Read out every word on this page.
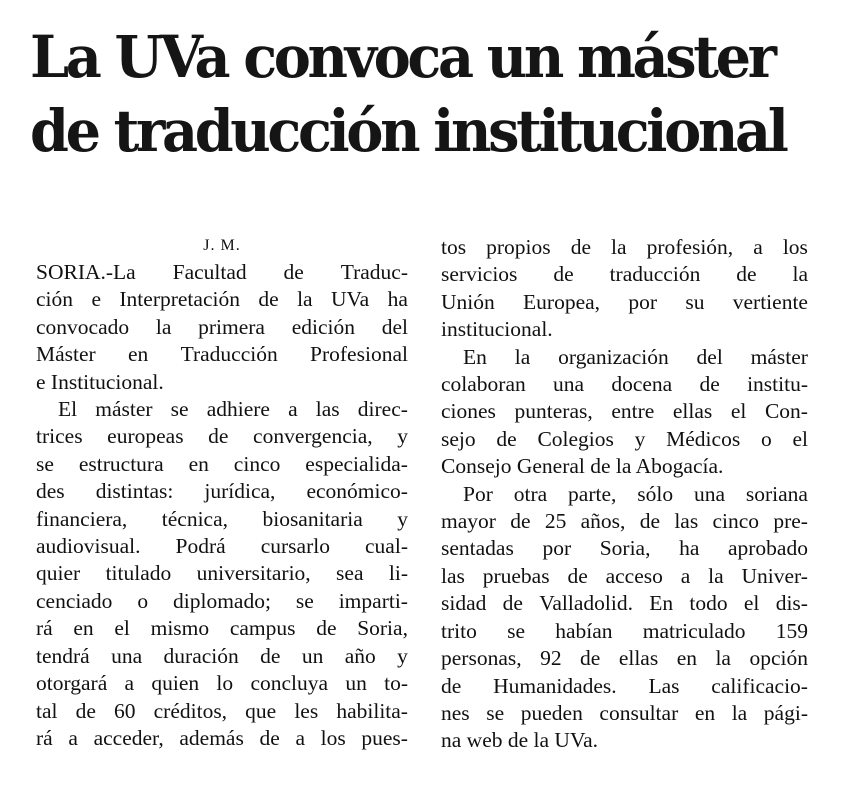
La UVa convoca un máster
de traducción institucional
J. M.
SORIA.-La Facultad de Traduc-
ción e Interpretación de la UVa ha
convocado la primera edición del
Máster en Traducción Profesional
e Institucional.
El máster se adhiere a las direc-
trices europeas de convergencia, y
se estructura en cinco especialida-
des distintas: jurídica, económico-
financiera, técnica, biosanitaria y
audiovisual. Podrá cursarlo cual-
quier titulado universitario, sea li-
cenciado o diplomado; se imparti-
rá en el mismo campus de Soria,
tendrá una duración de un año y
otorgará a quien lo concluya un to-
tal de 60 créditos, que les habilita-
rá a acceder, además de a los pues-
tos propios de la profesión, a los
servicios de traducción de la
Unión Europea, por su vertiente
institucional.
En la organización del máster
colaboran una docena de institu-
ciones punteras, entre ellas el Con-
sejo de Colegios y Médicos o el
Consejo General de la Abogacía.
Por otra parte, sólo una soriana
mayor de 25 años, de las cinco pre-
sentadas por Soria, ha aprobado
las pruebas de acceso a la Univer-
sidad de Valladolid. En todo el dis-
trito se habían matriculado 159
personas, 92 de ellas en la opción
de Humanidades. Las calificacio-
nes se pueden consultar en la pági-
na web de la UVa.
